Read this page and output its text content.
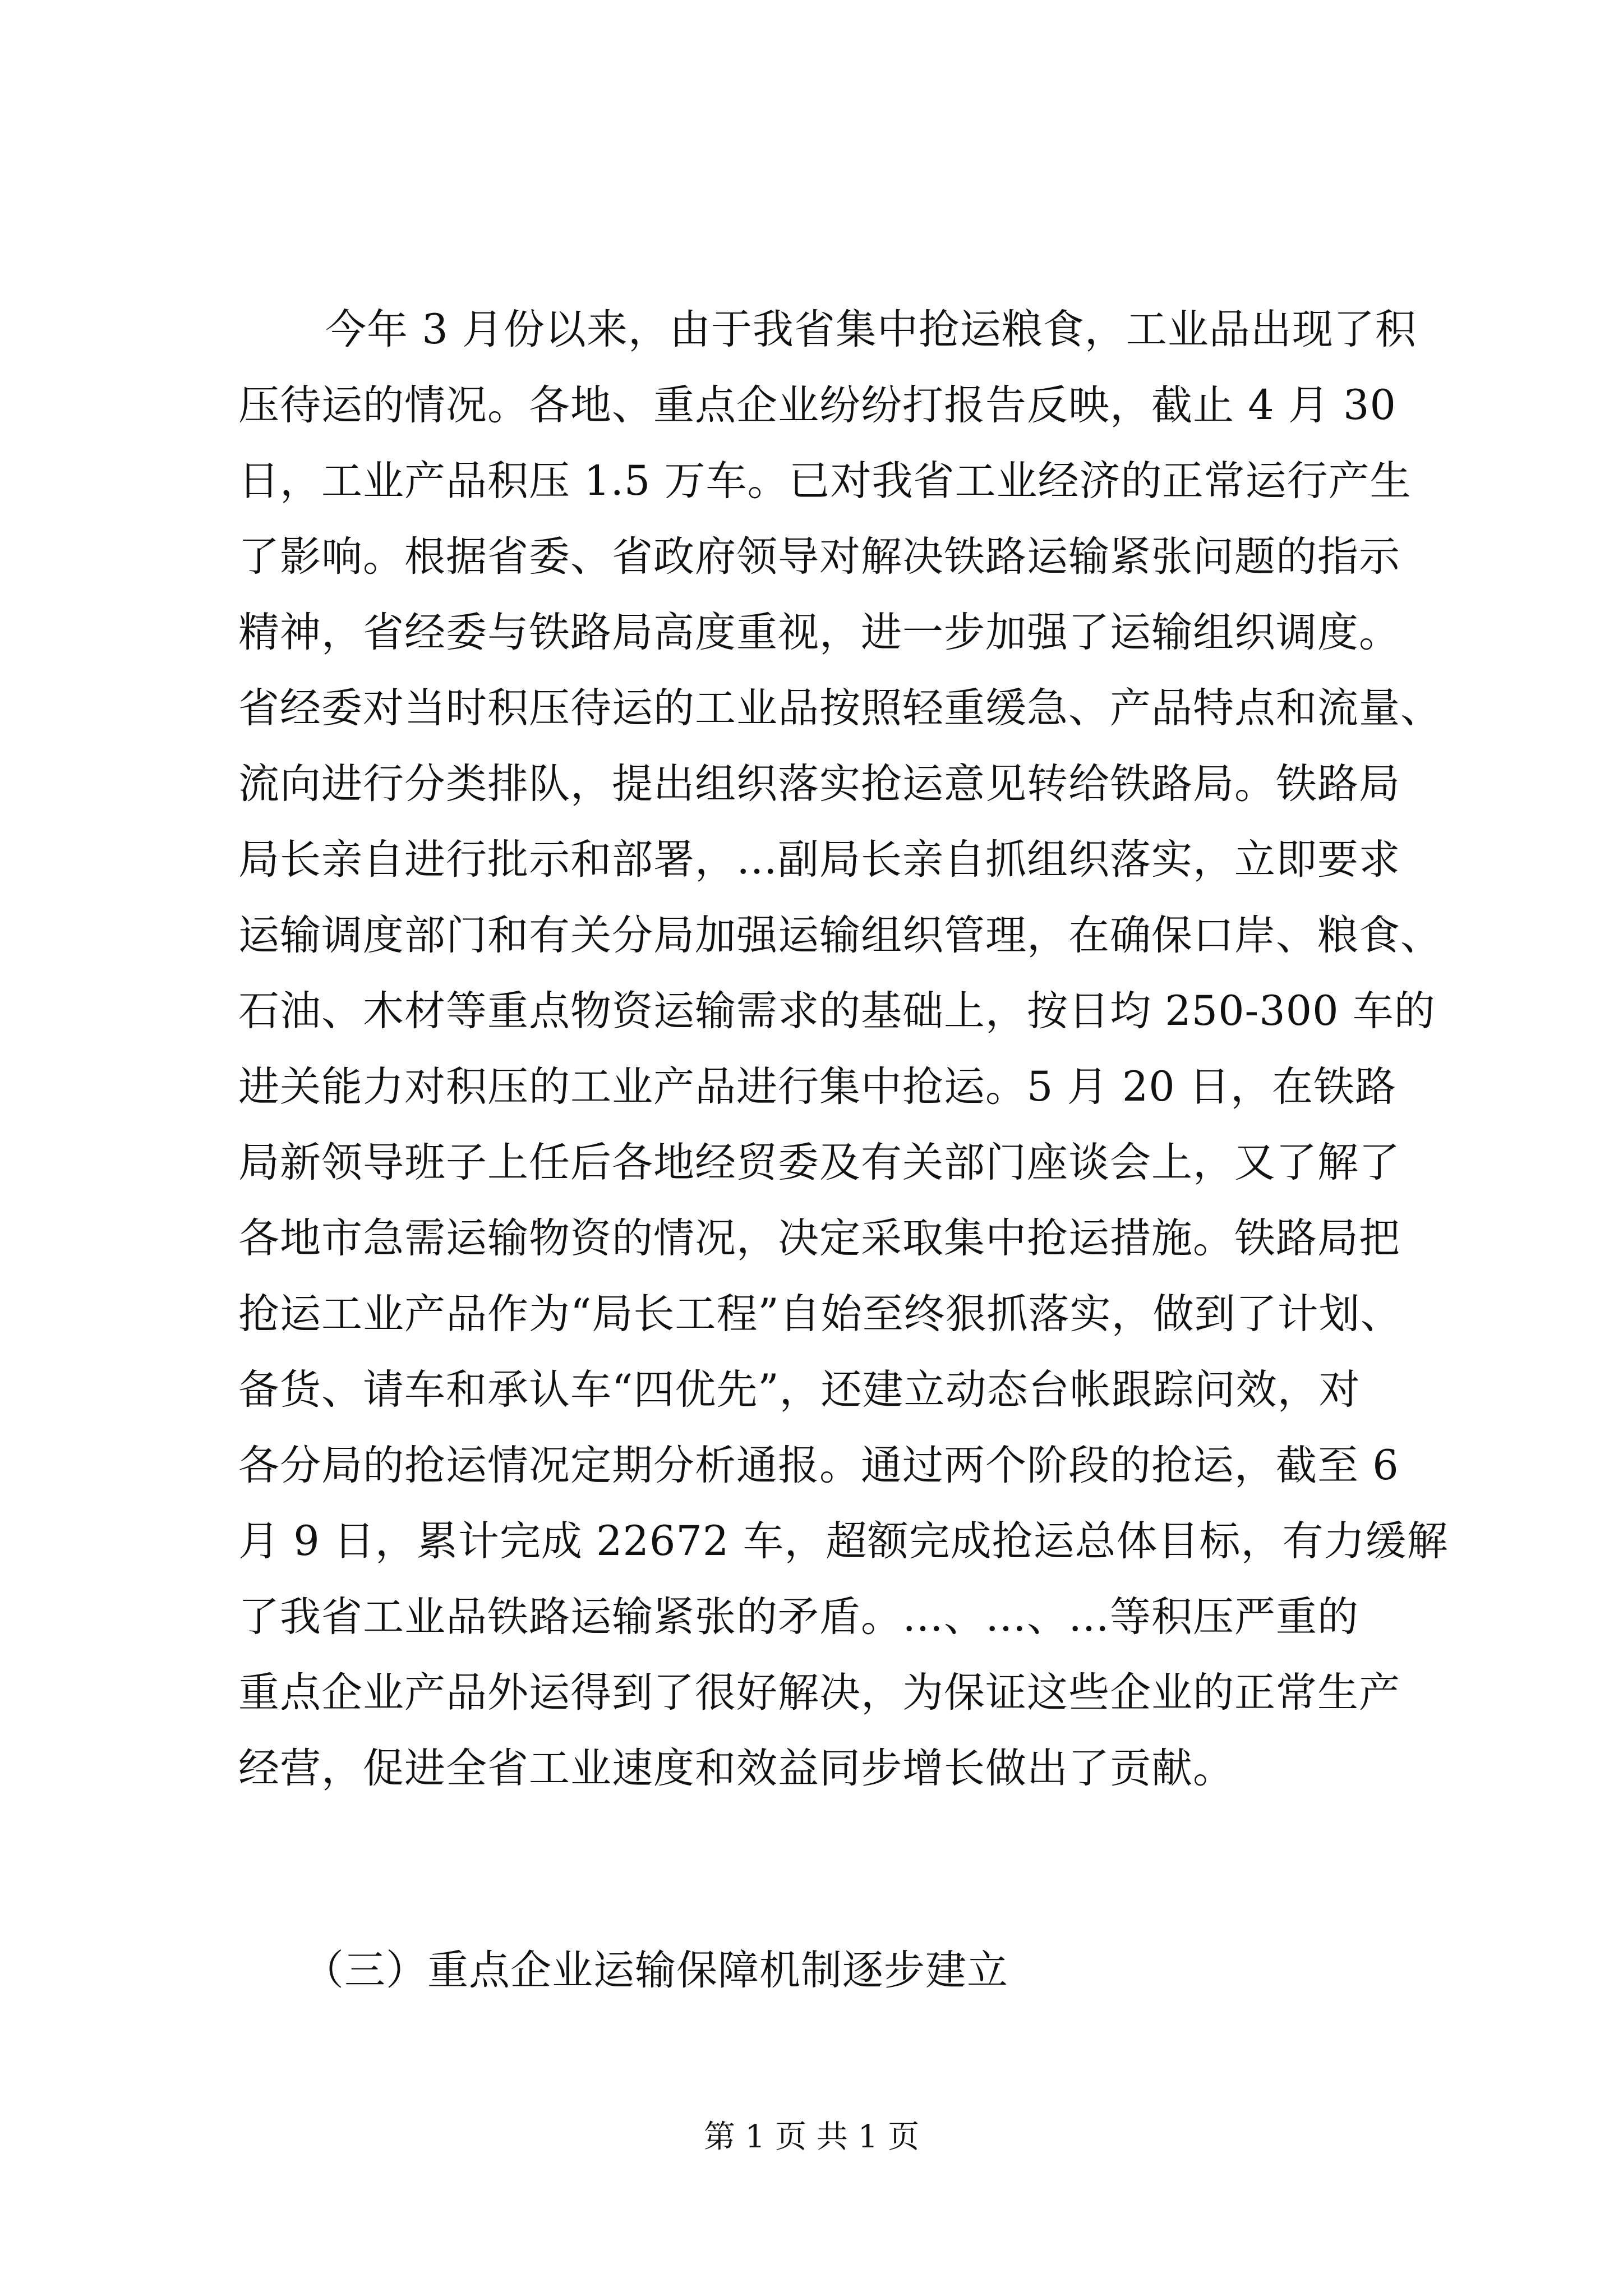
今年 3 月份以来，由于我省集中抢运粮食，工业品出现了积
压待运的情况。各地、重点企业纷纷打报告反映，截止 4 月 30
日，工业产品积压 1.5 万车。已对我省工业经济的正常运行产生
了影响。根据省委、省政府领导对解决铁路运输紧张问题的指示
精神，省经委与铁路局高度重视，进一步加强了运输组织调度。
省经委对当时积压待运的工业品按照轻重缓急、产品特点和流量、
流向进行分类排队，提出组织落实抢运意见转给铁路局。铁路局
局长亲自进行批示和部署，…副局长亲自抓组织落实，立即要求
运输调度部门和有关分局加强运输组织管理，在确保口岸、粮食、
石油、木材等重点物资运输需求的基础上，按日均 250-300 车的
进关能力对积压的工业产品进行集中抢运。5 月 20 日，在铁路
局新领导班子上任后各地经贸委及有关部门座谈会上，又了解了
各地市急需运输物资的情况，决定采取集中抢运措施。铁路局把
抢运工业产品作为“局长工程”自始至终狠抓落实，做到了计划、
备货、请车和承认车“四优先”，还建立动态台帐跟踪问效，对
各分局的抢运情况定期分析通报。通过两个阶段的抢运，截至 6
月 9 日，累计完成 22672 车，超额完成抢运总体目标，有力缓解
了我省工业品铁路运输紧张的矛盾。…、…、…等积压严重的
重点企业产品外运得到了很好解决，为保证这些企业的正常生产
经营，促进全省工业速度和效益同步增长做出了贡献。
（三）重点企业运输保障机制逐步建立
第 1 页 共 1 页
